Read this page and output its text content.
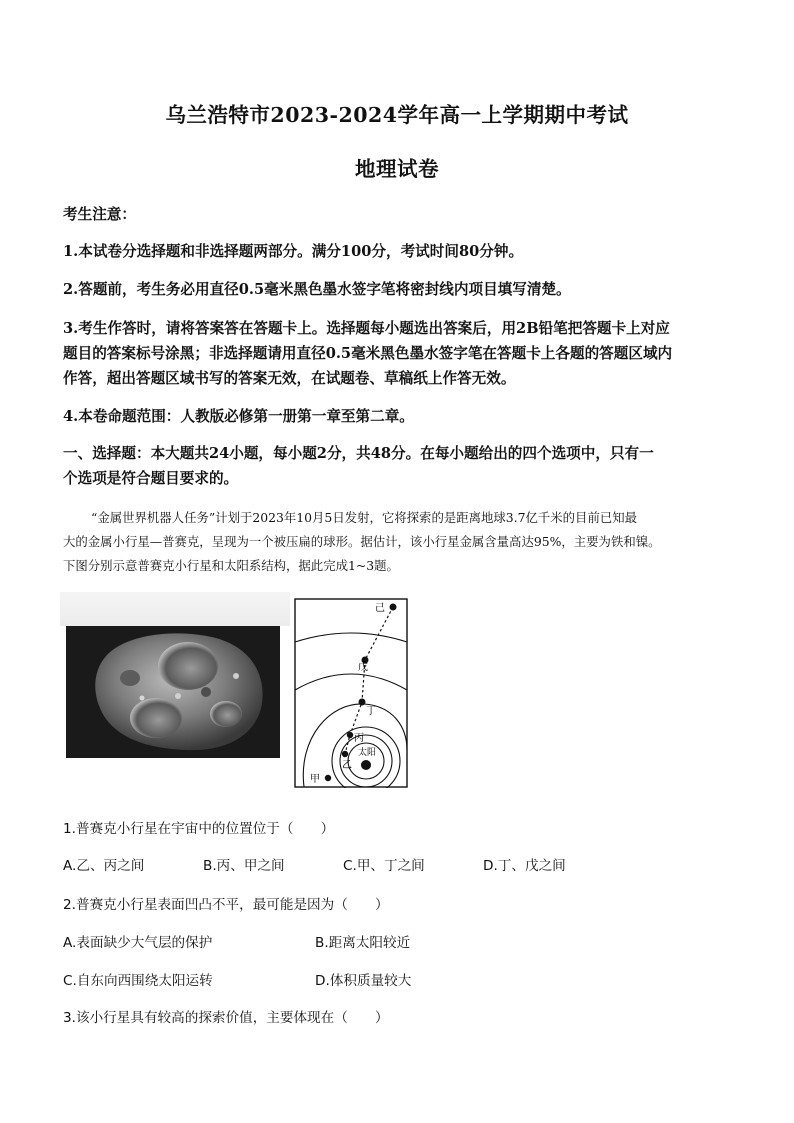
乌兰浩特市2023-2024学年高一上学期期中考试
地理试卷
考生注意：
1.本试卷分选择题和非选择题两部分。满分100分，考试时间80分钟。
2.答题前，考生务必用直径0.5毫米黑色墨水签字笔将密封线内项目填写清楚。
3.考生作答时，请将答案答在答题卡上。选择题每小题选出答案后，用2B铅笔把答题卡上对应
题目的答案标号涂黑；非选择题请用直径0.5毫米黑色墨水签字笔在答题卡上各题的答题区域内
作答，超出答题区域书写的答案无效，在试题卷、草稿纸上作答无效。
4.本卷命题范围：人教版必修第一册第一章至第二章。
一、选择题：本大题共24小题，每小题2分，共48分。在每小题给出的四个选项中，只有一
个选项是符合题目要求的。
“金属世界机器人任务”计划于2023年10月5日发射，它将探索的是距离地球3.7亿千米的目前已知最
大的金属小行星—普赛克，呈现为一个被压扁的球形。据估计，该小行星金属含量高达95%，主要为铁和镍。
下图分别示意普赛克小行星和太阳系结构，据此完成1~3题。
己
戊
丁
丙
乙
太阳
甲
1.普赛克小行星在宇宙中的位置位于（　　）
A.乙、丙之间	B.丙、甲之间	C.甲、丁之间	D.丁、戊之间
2.普赛克小行星表面凹凸不平，最可能是因为（　　）
A.表面缺少大气层的保护	B.距离太阳较近
C.自东向西围绕太阳运转	D.体积质量较大
3.该小行星具有较高的探索价值，主要体现在（　　）
